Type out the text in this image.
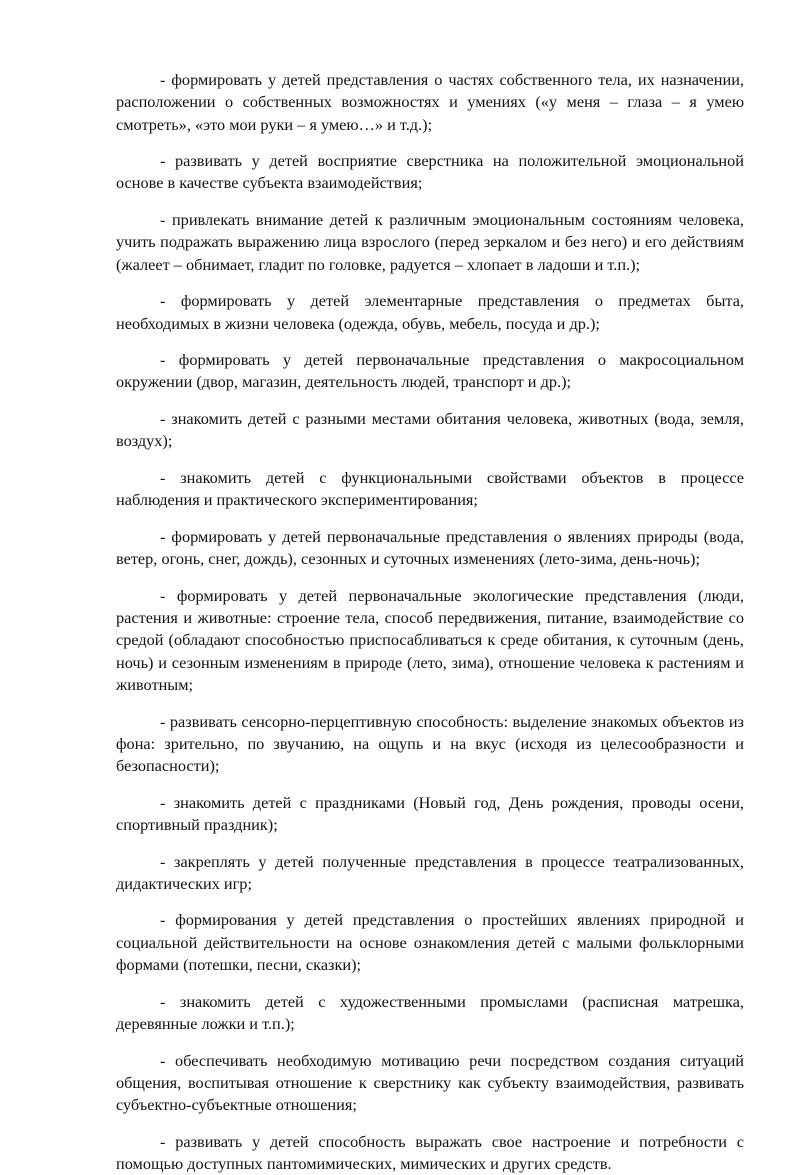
- формировать у детей представления о частях собственного тела, их назначении, расположении о собственных возможностях и умениях («у меня – глаза – я умею смотреть», «это мои руки – я умею…» и т.д.);

- развивать у детей восприятие сверстника на положительной эмоциональной основе в качестве субъекта взаимодействия;

- привлекать внимание детей к различным эмоциональным состояниям человека, учить подражать выражению лица взрослого (перед зеркалом и без него) и его действиям (жалеет – обнимает, гладит по головке, радуется – хлопает в ладоши и т.п.);

- формировать у детей элементарные представления о предметах быта, необходимых в жизни человека (одежда, обувь, мебель, посуда и др.);

- формировать у детей первоначальные представления о макросоциальном окружении (двор, магазин, деятельность людей, транспорт и др.);

- знакомить детей с разными местами обитания человека, животных (вода, земля, воздух);

- знакомить детей с функциональными свойствами объектов в процессе наблюдения и практического экспериментирования;

- формировать у детей первоначальные представления о явлениях природы (вода, ветер, огонь, снег, дождь), сезонных и суточных изменениях (лето-зима, день-ночь);

- формировать у детей первоначальные экологические представления (люди, растения и животные: строение тела, способ передвижения, питание, взаимодействие со средой (обладают способностью приспосабливаться к среде обитания, к суточным (день, ночь) и сезонным изменениям в природе (лето, зима), отношение человека к растениям и животным;

- развивать сенсорно-перцептивную способность: выделение знакомых объектов из фона: зрительно, по звучанию, на ощупь и на вкус (исходя из целесообразности и безопасности);

- знакомить детей с праздниками (Новый год, День рождения, проводы осени, спортивный праздник);

- закреплять у детей полученные представления в процессе театрализованных, дидактических игр;

- формирования у детей представления о простейших явлениях природной и социальной действительности на основе ознакомления детей с малыми фольклорными формами (потешки, песни, сказки);

- знакомить детей с художественными промыслами (расписная матрешка, деревянные ложки и т.п.);

- обеспечивать необходимую мотивацию речи посредством создания ситуаций общения, воспитывая отношение к сверстнику как субъекту взаимодействия, развивать субъектно-субъектные отношения;

- развивать у детей способность выражать свое настроение и потребности с помощью доступных пантомимических, мимических и других средств.
